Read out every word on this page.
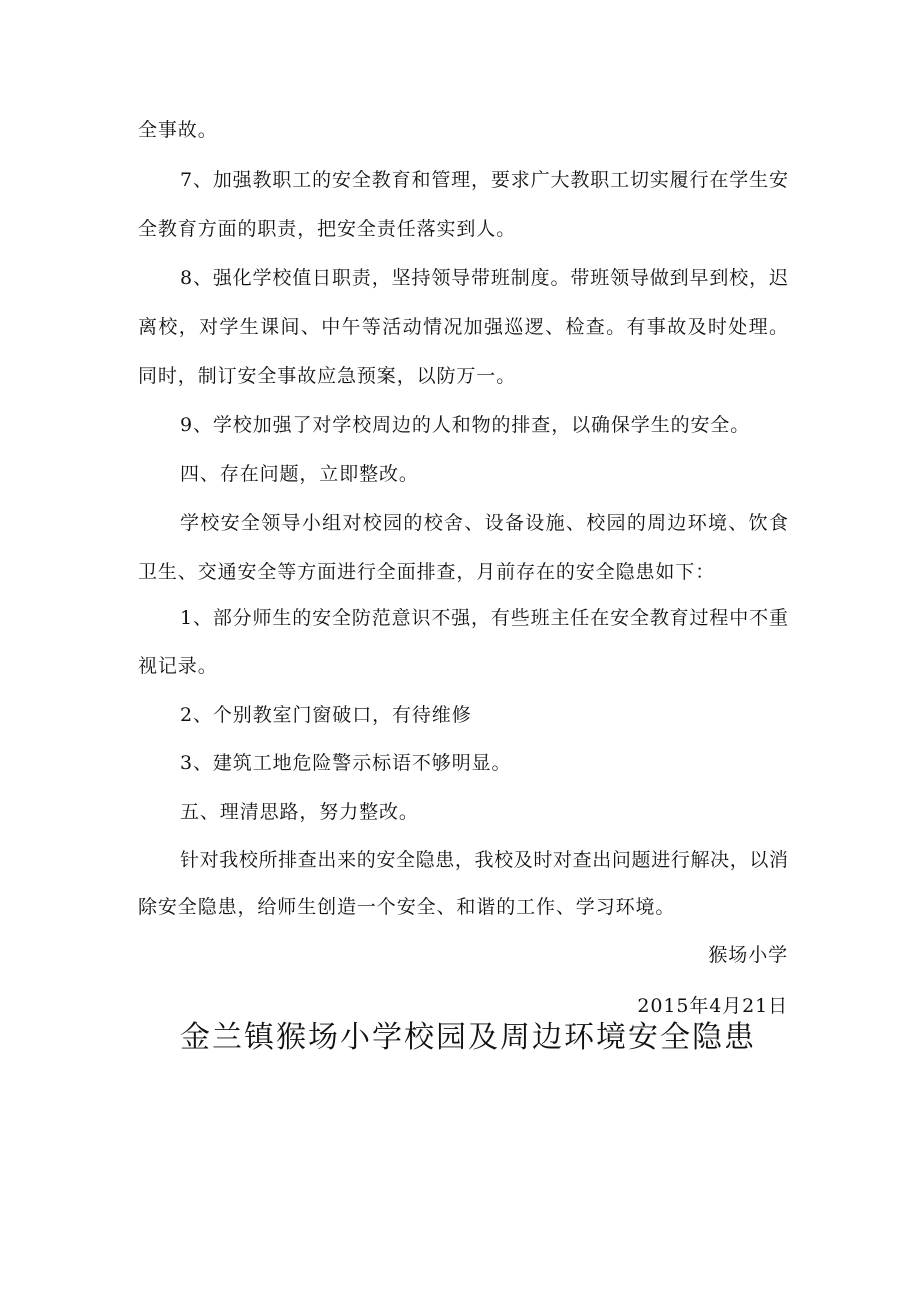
全事故。
7、加强教职工的安全教育和管理，要求广大教职工切实履行在学生安
全教育方面的职责，把安全责任落实到人。
8、强化学校值日职责，坚持领导带班制度。带班领导做到早到校，迟
离校，对学生课间、中午等活动情况加强巡逻、检查。有事故及时处理。
同时，制订安全事故应急预案，以防万一。
9、学校加强了对学校周边的人和物的排查，以确保学生的安全。
四、存在问题，立即整改。
学校安全领导小组对校园的校舍、设备设施、校园的周边环境、饮食
卫生、交通安全等方面进行全面排查，月前存在的安全隐患如下：
1、部分师生的安全防范意识不强，有些班主任在安全教育过程中不重
视记录。
2、个别教室门窗破口，有待维修
3、建筑工地危险警示标语不够明显。
五、理清思路，努力整改。
针对我校所排查出来的安全隐患，我校及时对查出问题进行解决，以消
除安全隐患，给师生创造一个安全、和谐的工作、学习环境。
猴场小学
2015年4月21日
金兰镇猴场小学校园及周边环境安全隐患
